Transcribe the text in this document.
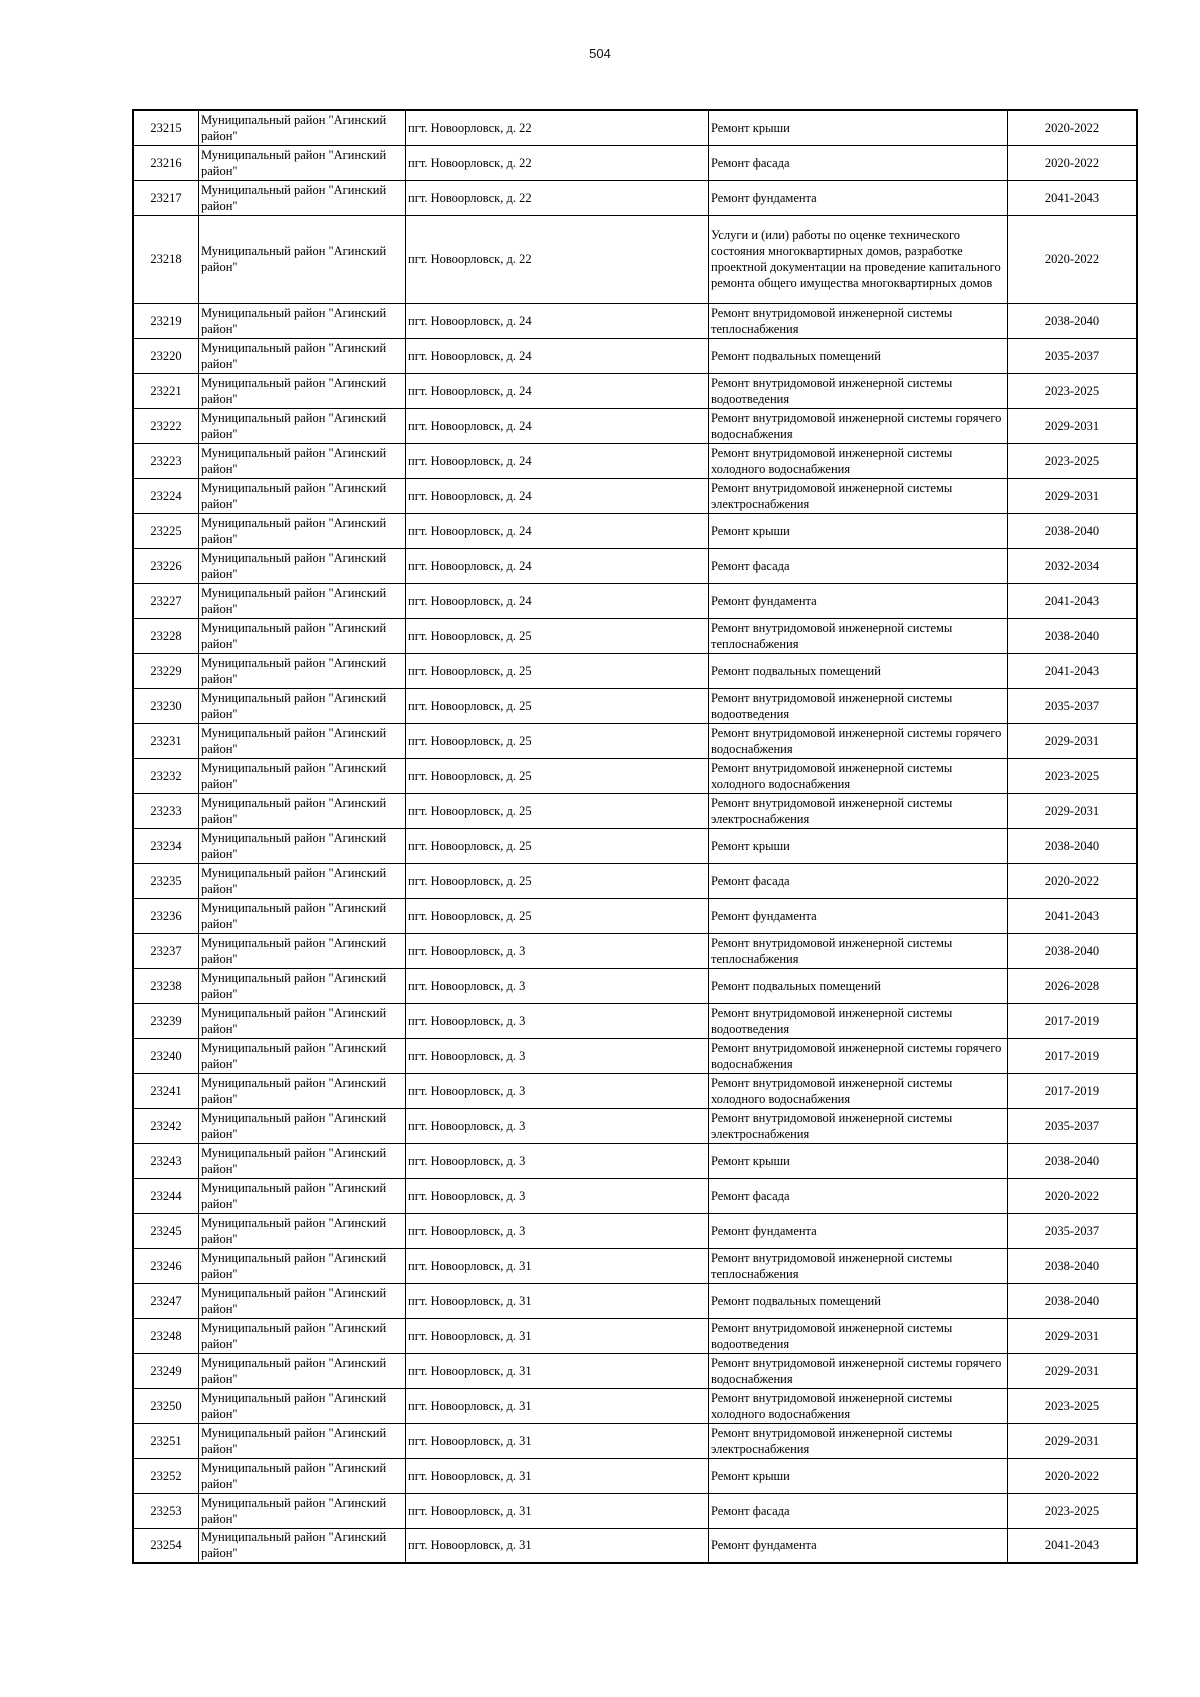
504
23215	Муниципальный район "Агинский район"	пгт. Новоорловск, д. 22	Ремонт крыши	2020-2022
23216	Муниципальный район "Агинский район"	пгт. Новоорловск, д. 22	Ремонт фасада	2020-2022
23217	Муниципальный район "Агинский район"	пгт. Новоорловск, д. 22	Ремонт фундамента	2041-2043
23218	Муниципальный район "Агинский район"	пгт. Новоорловск, д. 22	Услуги и (или) работы по оценке технического состояния многоквартирных домов, разработке проектной документации на проведение капитального ремонта общего имущества многоквартирных домов	2020-2022
23219	Муниципальный район "Агинский район"	пгт. Новоорловск, д. 24	Ремонт внутридомовой инженерной системы теплоснабжения	2038-2040
23220	Муниципальный район "Агинский район"	пгт. Новоорловск, д. 24	Ремонт подвальных помещений	2035-2037
23221	Муниципальный район "Агинский район"	пгт. Новоорловск, д. 24	Ремонт внутридомовой инженерной системы водоотведения	2023-2025
23222	Муниципальный район "Агинский район"	пгт. Новоорловск, д. 24	Ремонт внутридомовой инженерной системы горячего водоснабжения	2029-2031
23223	Муниципальный район "Агинский район"	пгт. Новоорловск, д. 24	Ремонт внутридомовой инженерной системы холодного водоснабжения	2023-2025
23224	Муниципальный район "Агинский район"	пгт. Новоорловск, д. 24	Ремонт внутридомовой инженерной системы электроснабжения	2029-2031
23225	Муниципальный район "Агинский район"	пгт. Новоорловск, д. 24	Ремонт крыши	2038-2040
23226	Муниципальный район "Агинский район"	пгт. Новоорловск, д. 24	Ремонт фасада	2032-2034
23227	Муниципальный район "Агинский район"	пгт. Новоорловск, д. 24	Ремонт фундамента	2041-2043
23228	Муниципальный район "Агинский район"	пгт. Новоорловск, д. 25	Ремонт внутридомовой инженерной системы теплоснабжения	2038-2040
23229	Муниципальный район "Агинский район"	пгт. Новоорловск, д. 25	Ремонт подвальных помещений	2041-2043
23230	Муниципальный район "Агинский район"	пгт. Новоорловск, д. 25	Ремонт внутридомовой инженерной системы водоотведения	2035-2037
23231	Муниципальный район "Агинский район"	пгт. Новоорловск, д. 25	Ремонт внутридомовой инженерной системы горячего водоснабжения	2029-2031
23232	Муниципальный район "Агинский район"	пгт. Новоорловск, д. 25	Ремонт внутридомовой инженерной системы холодного водоснабжения	2023-2025
23233	Муниципальный район "Агинский район"	пгт. Новоорловск, д. 25	Ремонт внутридомовой инженерной системы электроснабжения	2029-2031
23234	Муниципальный район "Агинский район"	пгт. Новоорловск, д. 25	Ремонт крыши	2038-2040
23235	Муниципальный район "Агинский район"	пгт. Новоорловск, д. 25	Ремонт фасада	2020-2022
23236	Муниципальный район "Агинский район"	пгт. Новоорловск, д. 25	Ремонт фундамента	2041-2043
23237	Муниципальный район "Агинский район"	пгт. Новоорловск, д. 3	Ремонт внутридомовой инженерной системы теплоснабжения	2038-2040
23238	Муниципальный район "Агинский район"	пгт. Новоорловск, д. 3	Ремонт подвальных помещений	2026-2028
23239	Муниципальный район "Агинский район"	пгт. Новоорловск, д. 3	Ремонт внутридомовой инженерной системы водоотведения	2017-2019
23240	Муниципальный район "Агинский район"	пгт. Новоорловск, д. 3	Ремонт внутридомовой инженерной системы горячего водоснабжения	2017-2019
23241	Муниципальный район "Агинский район"	пгт. Новоорловск, д. 3	Ремонт внутридомовой инженерной системы холодного водоснабжения	2017-2019
23242	Муниципальный район "Агинский район"	пгт. Новоорловск, д. 3	Ремонт внутридомовой инженерной системы электроснабжения	2035-2037
23243	Муниципальный район "Агинский район"	пгт. Новоорловск, д. 3	Ремонт крыши	2038-2040
23244	Муниципальный район "Агинский район"	пгт. Новоорловск, д. 3	Ремонт фасада	2020-2022
23245	Муниципальный район "Агинский район"	пгт. Новоорловск, д. 3	Ремонт фундамента	2035-2037
23246	Муниципальный район "Агинский район"	пгт. Новоорловск, д. 31	Ремонт внутридомовой инженерной системы теплоснабжения	2038-2040
23247	Муниципальный район "Агинский район"	пгт. Новоорловск, д. 31	Ремонт подвальных помещений	2038-2040
23248	Муниципальный район "Агинский район"	пгт. Новоорловск, д. 31	Ремонт внутридомовой инженерной системы водоотведения	2029-2031
23249	Муниципальный район "Агинский район"	пгт. Новоорловск, д. 31	Ремонт внутридомовой инженерной системы горячего водоснабжения	2029-2031
23250	Муниципальный район "Агинский район"	пгт. Новоорловск, д. 31	Ремонт внутридомовой инженерной системы холодного водоснабжения	2023-2025
23251	Муниципальный район "Агинский район"	пгт. Новоорловск, д. 31	Ремонт внутридомовой инженерной системы электроснабжения	2029-2031
23252	Муниципальный район "Агинский район"	пгт. Новоорловск, д. 31	Ремонт крыши	2020-2022
23253	Муниципальный район "Агинский район"	пгт. Новоорловск, д. 31	Ремонт фасада	2023-2025
23254	Муниципальный район "Агинский район"	пгт. Новоорловск, д. 31	Ремонт фундамента	2041-2043
